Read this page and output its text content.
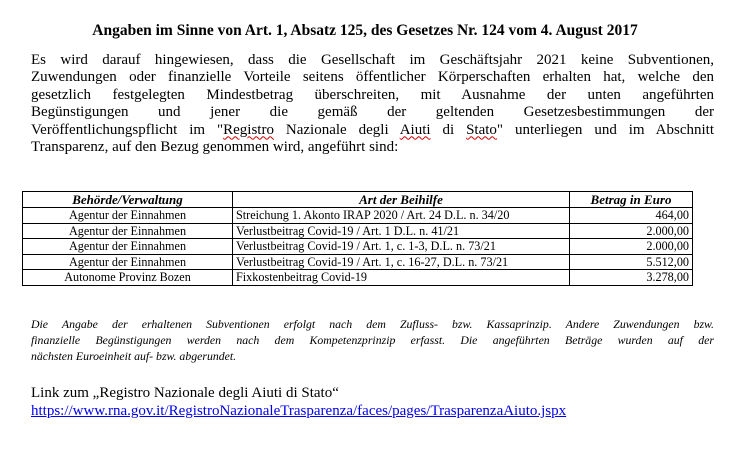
Angaben im Sinne von Art. 1, Absatz 125, des Gesetzes Nr. 124 vom 4. August 2017

Es wird darauf hingewiesen, dass die Gesellschaft im Geschäftsjahr 2021 keine Subventionen,

Zuwendungen oder finanzielle Vorteile seitens öffentlicher Körperschaften erhalten hat, welche den

gesetzlich festgelegten Mindestbetrag überschreiten, mit Ausnahme der unten angeführten

Begünstigungen und jener die gemäß der geltenden Gesetzesbestimmungen der

Veröffentlichungspflicht im "Registro Nazionale degli Aiuti di Stato" unterliegen und im Abschnitt

Transparenz, auf den Bezug genommen wird, angeführt sind:

Behörde/Verwaltung	Art der Beihilfe	Betrag in Euro
Agentur der Einnahmen	Streichung 1. Akonto IRAP 2020 / Art. 24 D.L. n. 34/20	464,00
Agentur der Einnahmen	Verlustbeitrag Covid-19 / Art. 1 D.L. n. 41/21	2.000,00
Agentur der Einnahmen	Verlustbeitrag Covid-19 / Art. 1, c. 1-3, D.L. n. 73/21	2.000,00
Agentur der Einnahmen	Verlustbeitrag Covid-19 / Art. 1, c. 16-27, D.L. n. 73/21	5.512,00
Autonome Provinz Bozen	Fixkostenbeitrag Covid-19	3.278,00

Die Angabe der erhaltenen Subventionen erfolgt nach dem Zufluss- bzw. Kassaprinzip. Andere Zuwendungen bzw.

finanzielle Begünstigungen werden nach dem Kompetenzprinzip erfasst. Die angeführten Beträge wurden auf der

nächsten Euroeinheit auf- bzw. abgerundet.

Link zum „Registro Nazionale degli Aiuti di Stato“
https://www.rna.gov.it/RegistroNazionaleTrasparenza/faces/pages/TrasparenzaAiuto.jspx
